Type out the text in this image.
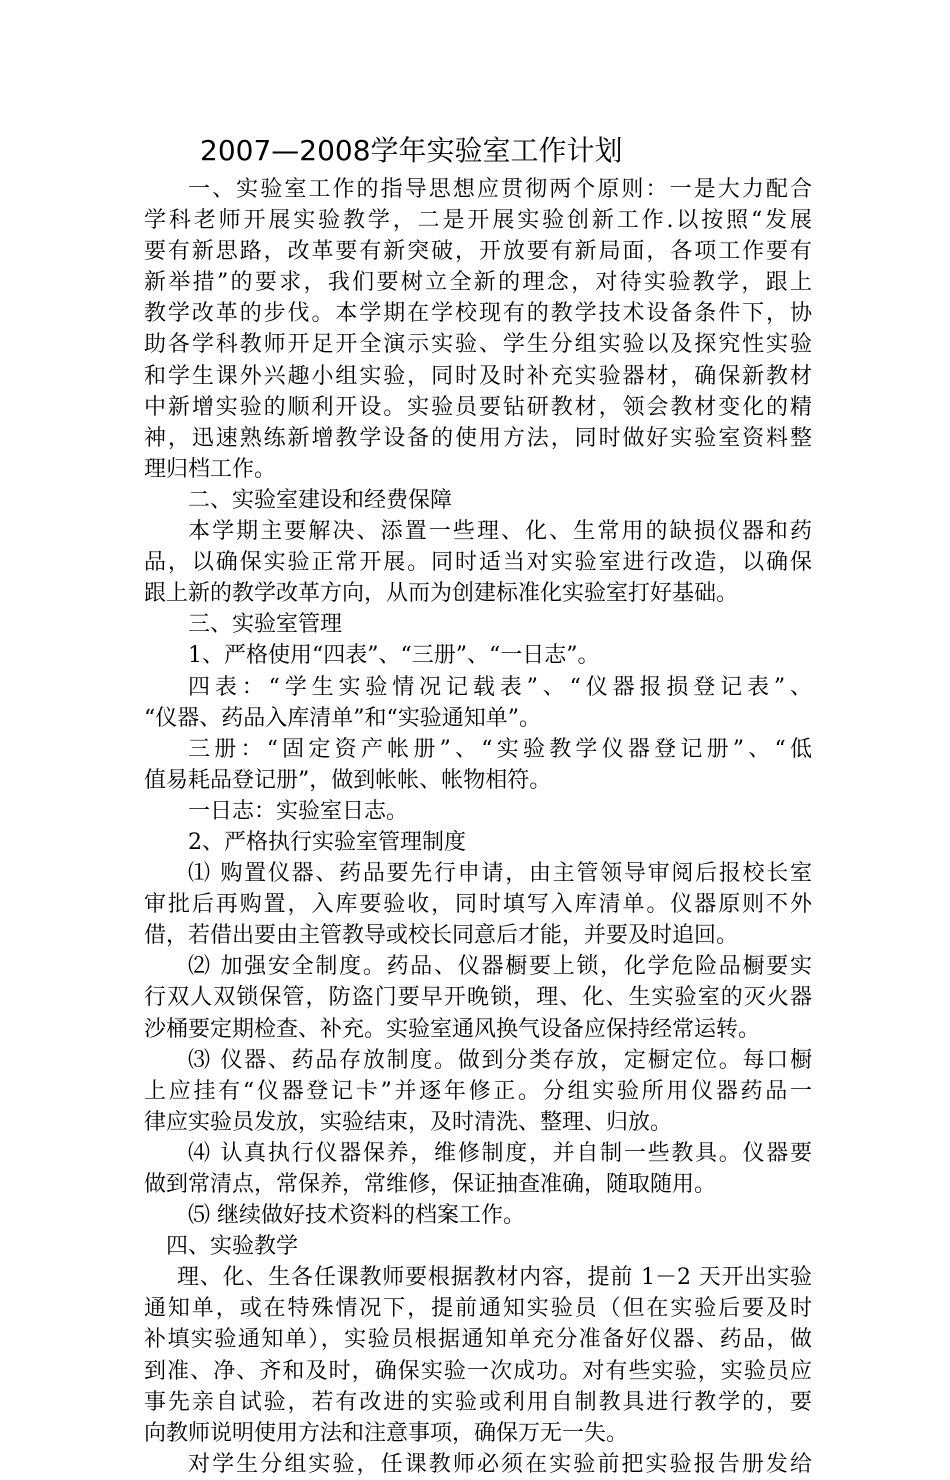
2007—2008学年实验室工作计划
一、实验室工作的指导思想应贯彻两个原则：一是大力配合
学科老师开展实验教学，二是开展实验创新工作.以按照“发展
要有新思路，改革要有新突破，开放要有新局面，各项工作要有
新举措”的要求，我们要树立全新的理念，对待实验教学，跟上
教学改革的步伐。本学期在学校现有的教学技术设备条件下，协
助各学科教师开足开全演示实验、学生分组实验以及探究性实验
和学生课外兴趣小组实验，同时及时补充实验器材，确保新教材
中新增实验的顺利开设。实验员要钻研教材，领会教材变化的精
神，迅速熟练新增教学设备的使用方法，同时做好实验室资料整
理归档工作。
二、实验室建设和经费保障
本学期主要解决、添置一些理、化、生常用的缺损仪器和药
品，以确保实验正常开展。同时适当对实验室进行改造，以确保
跟上新的教学改革方向，从而为创建标准化实验室打好基础。
三、实验室管理
1、严格使用“四表”、“三册”、“一日志”。
四表：“学生实验情况记载表”、“仪器报损登记表”、
“仪器、药品入库清单”和“实验通知单”。
三册：“固定资产帐册”、“实验教学仪器登记册”、“低
值易耗品登记册”，做到帐帐、帐物相符。
一日志：实验室日志。
2、严格执行实验室管理制度
⑴ 购置仪器、药品要先行申请，由主管领导审阅后报校长室
审批后再购置，入库要验收，同时填写入库清单。仪器原则不外
借，若借出要由主管教导或校长同意后才能，并要及时追回。
⑵ 加强安全制度。药品、仪器橱要上锁，化学危险品橱要实
行双人双锁保管，防盗门要早开晚锁，理、化、生实验室的灭火器
沙桶要定期检查、补充。实验室通风换气设备应保持经常运转。
⑶ 仪器、药品存放制度。做到分类存放，定橱定位。每口橱
上应挂有“仪器登记卡”并逐年修正。分组实验所用仪器药品一
律应实验员发放，实验结束，及时清洗、整理、归放。
⑷ 认真执行仪器保养，维修制度，并自制一些教具。仪器要
做到常清点，常保养，常维修，保证抽查准确，随取随用。
⑸ 继续做好技术资料的档案工作。
四、实验教学
理、化、生各任课教师要根据教材内容，提前 1－2 天开出实验
通知单，或在特殊情况下，提前通知实验员（但在实验后要及时
补填实验通知单），实验员根据通知单充分准备好仪器、药品，做
到准、净、齐和及时，确保实验一次成功。对有些实验，实验员应
事先亲自试验，若有改进的实验或利用自制教具进行教学的，要
向教师说明使用方法和注意事项，确保万无一失。
对学生分组实验，任课教师必须在实验前把实验报告册发给
